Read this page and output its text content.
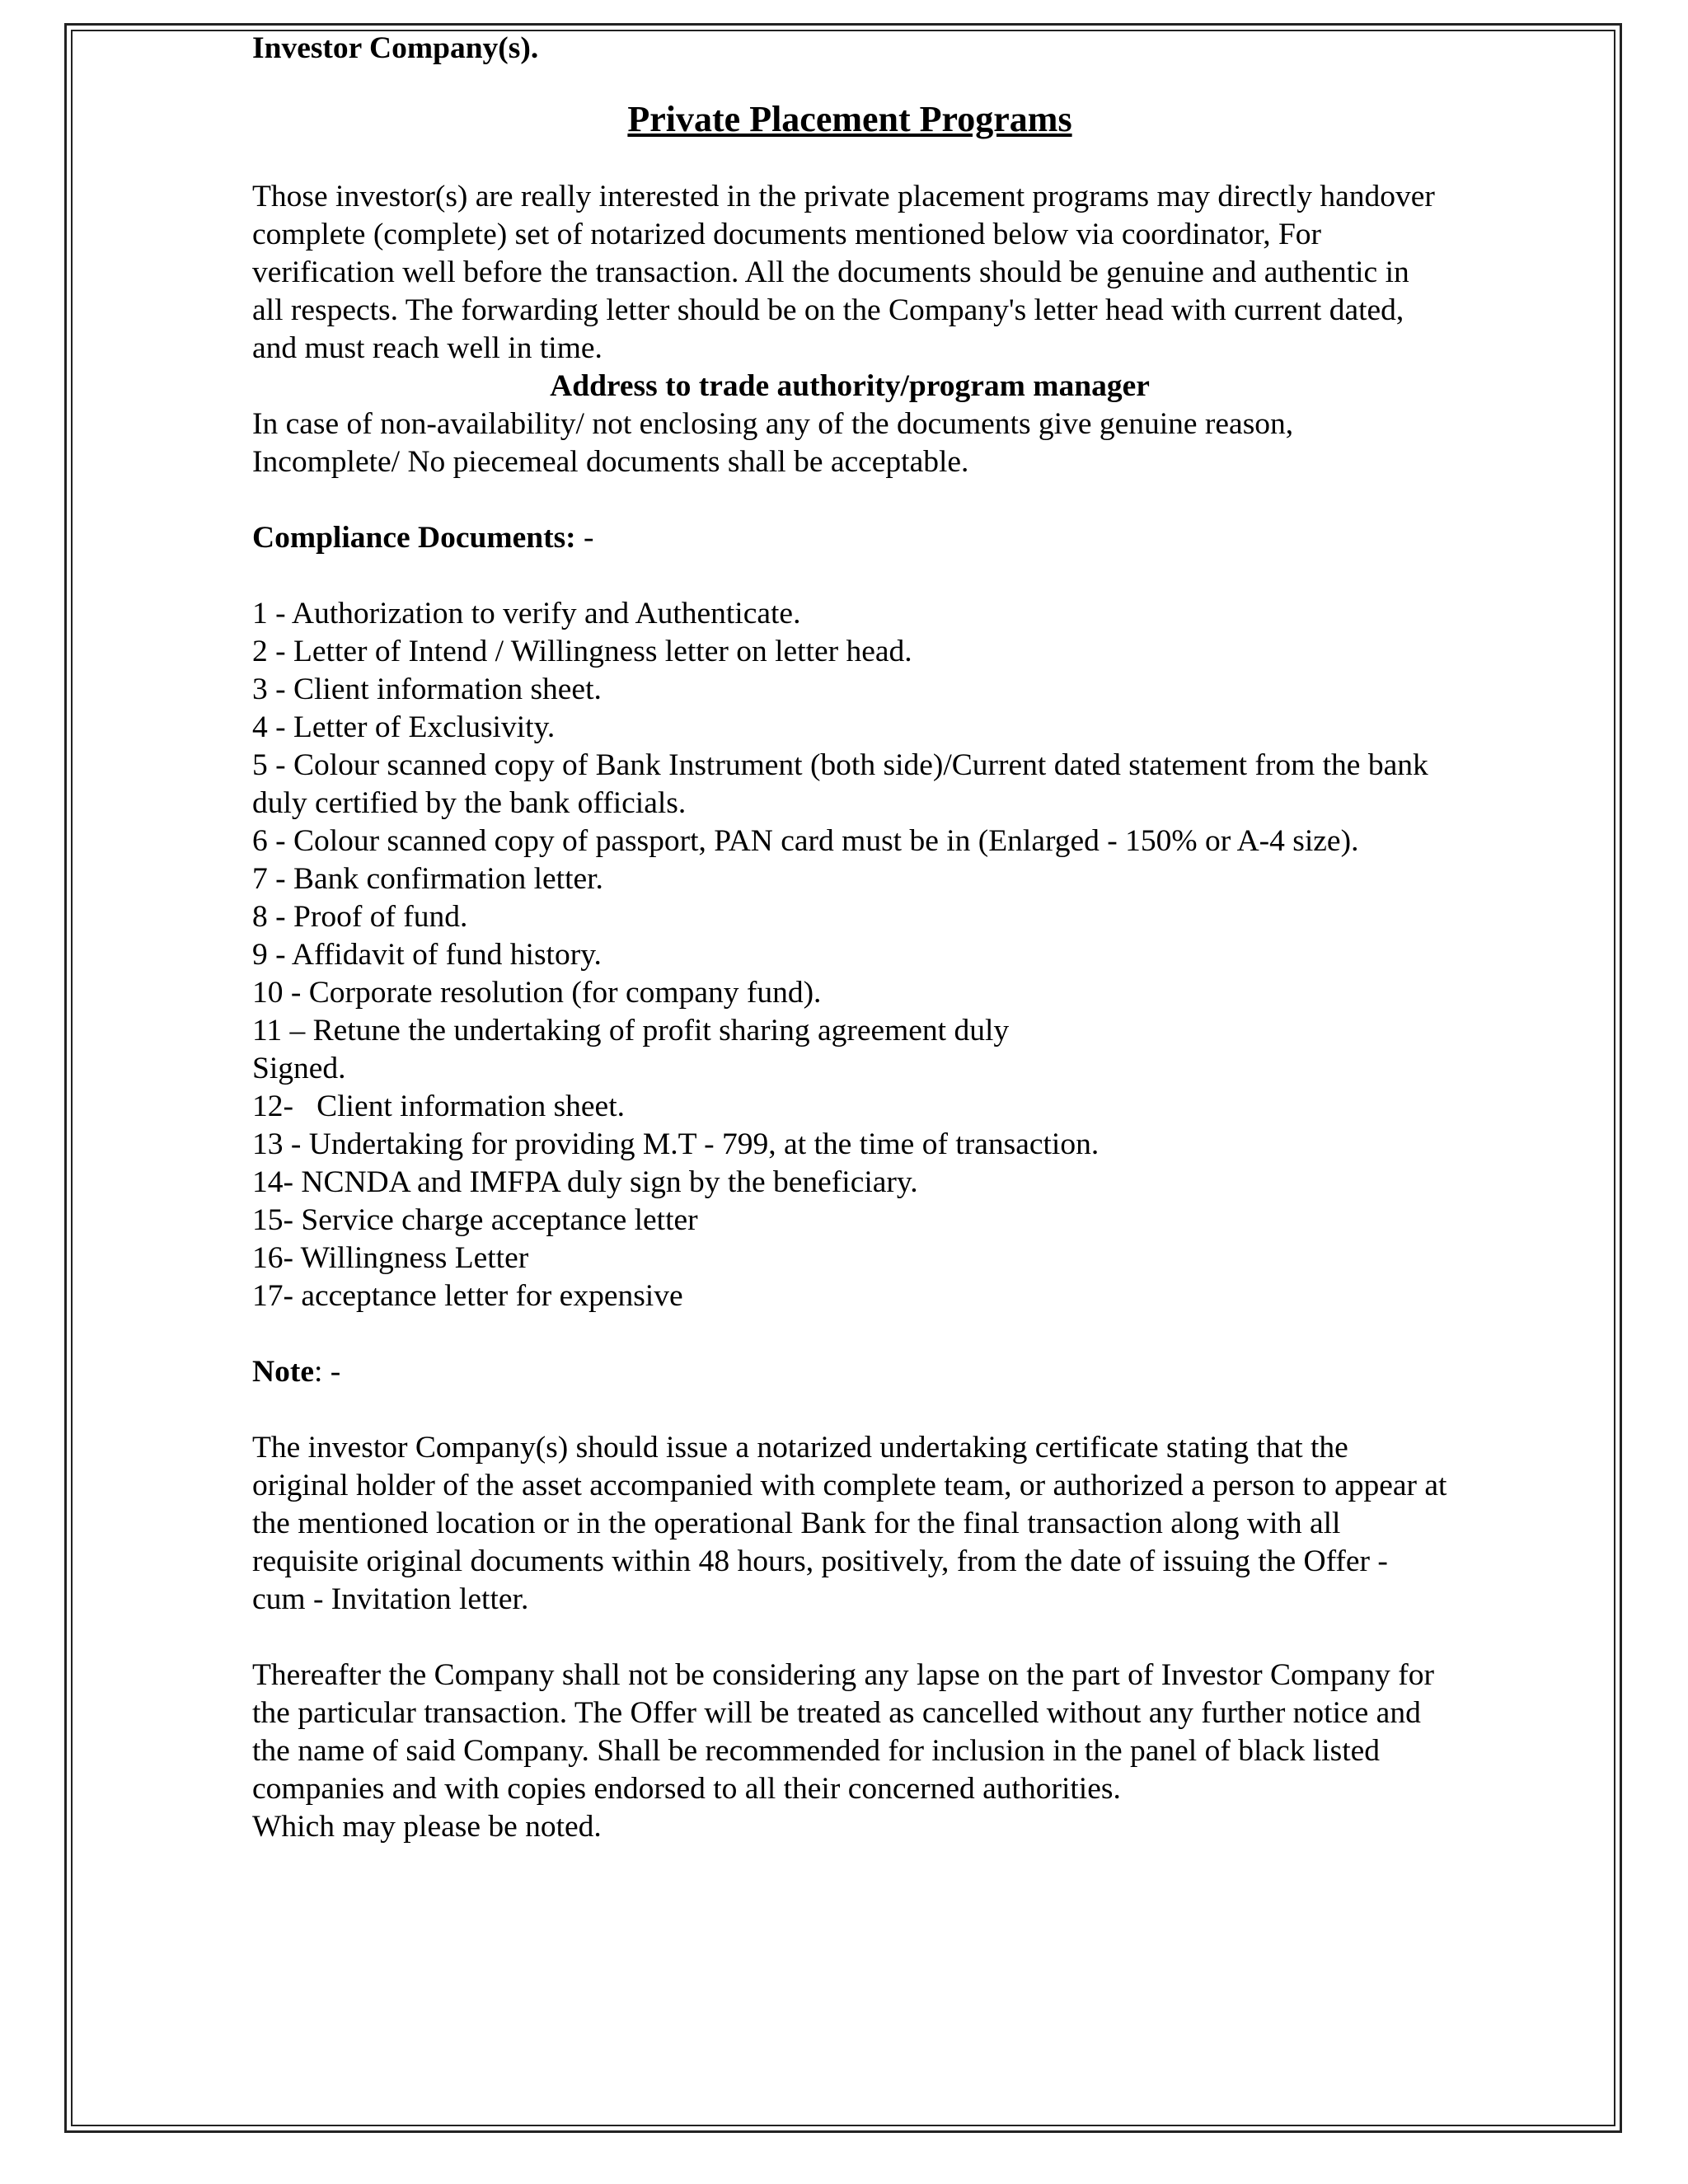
Investor Company(s).

Private Placement Programs

Those investor(s) are really interested in the private placement programs may directly handover complete (complete) set of notarized documents mentioned below via coordinator, For verification well before the transaction. All the documents should be genuine and authentic in all respects. The forwarding letter should be on the Company's letter head with current dated, and must reach well in time.

Address to trade authority/program manager

In case of non-availability/ not enclosing any of the documents give genuine reason, Incomplete/ No piecemeal documents shall be acceptable.

Compliance Documents: -

1 - Authorization to verify and Authenticate.
2 - Letter of Intend / Willingness letter on letter head.
3 - Client information sheet.
4 - Letter of Exclusivity.
5 - Colour scanned copy of Bank Instrument (both side)/Current dated statement from the bank duly certified by the bank officials.
6 - Colour scanned copy of passport, PAN card must be in (Enlarged - 150% or A-4 size).
7 - Bank confirmation letter.
8 - Proof of fund.
9 - Affidavit of fund history.
10 - Corporate resolution (for company fund).
11 – Retune the undertaking of profit sharing agreement duly
Signed.
12-   Client information sheet.
13 - Undertaking for providing M.T - 799, at the time of transaction.
14- NCNDA and IMFPA duly sign by the beneficiary.
15- Service charge acceptance letter
16- Willingness Letter
17- acceptance letter for expensive

Note: -

The investor Company(s) should issue a notarized undertaking certificate stating that the original holder of the asset accompanied with complete team, or authorized a person to appear at the mentioned location or in the operational Bank for the final transaction along with all requisite original documents within 48 hours, positively, from the date of issuing the Offer - cum - Invitation letter.

Thereafter the Company shall not be considering any lapse on the part of Investor Company for the particular transaction. The Offer will be treated as cancelled without any further notice and the name of said Company. Shall be recommended for inclusion in the panel of black listed companies and with copies endorsed to all their concerned authorities.

Which may please be noted.
